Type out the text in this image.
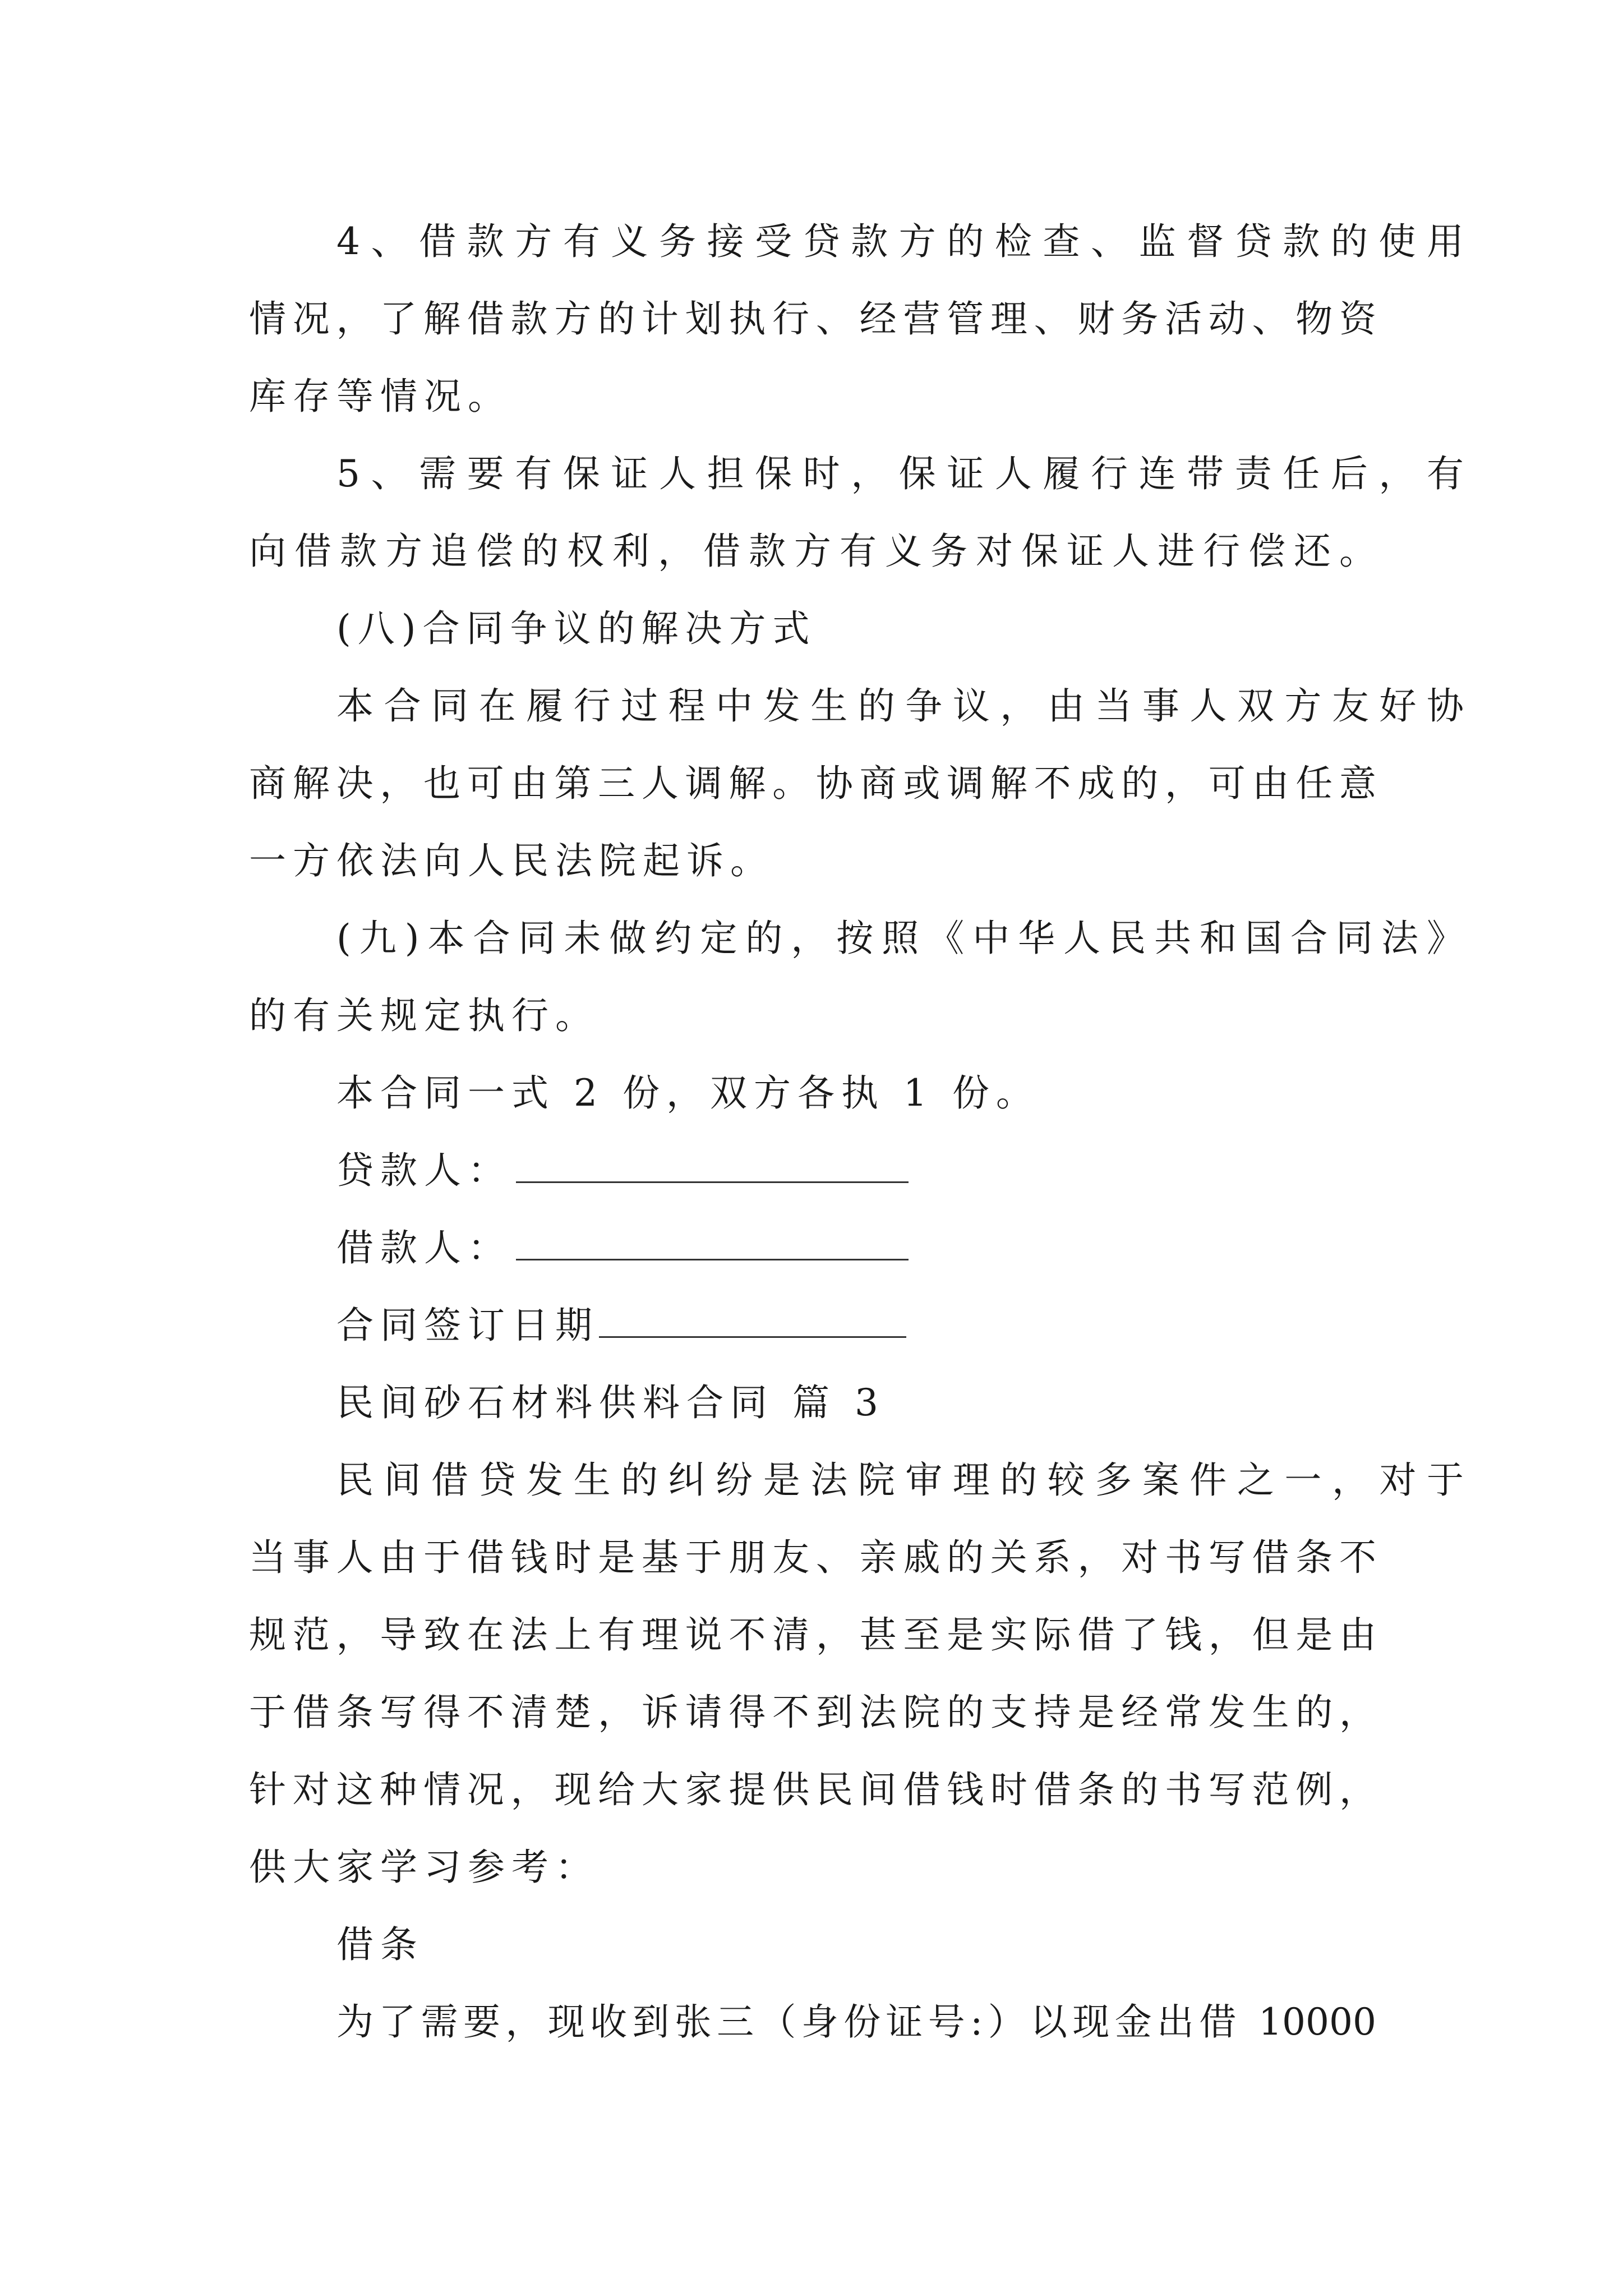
4、借款方有义务接受贷款方的检查、监督贷款的使用
情况，了解借款方的计划执行、经营管理、财务活动、物资
库存等情况。
5、需要有保证人担保时，保证人履行连带责任后，有
向借款方追偿的权利，借款方有义务对保证人进行偿还。
(八)合同争议的解决方式
本合同在履行过程中发生的争议，由当事人双方友好协
商解决，也可由第三人调解。协商或调解不成的，可由任意
一方依法向人民法院起诉。
(九)本合同未做约定的，按照《中华人民共和国合同法》
的有关规定执行。
本合同一式 2 份，双方各执 1 份。
贷款人：
借款人：
合同签订日期
民间砂石材料供料合同 篇 3
民间借贷发生的纠纷是法院审理的较多案件之一，对于
当事人由于借钱时是基于朋友、亲戚的关系，对书写借条不
规范，导致在法上有理说不清，甚至是实际借了钱，但是由
于借条写得不清楚，诉请得不到法院的支持是经常发生的，
针对这种情况，现给大家提供民间借钱时借条的书写范例，
供大家学习参考：
借条
为了需要，现收到张三（身份证号:）以现金出借 10000
